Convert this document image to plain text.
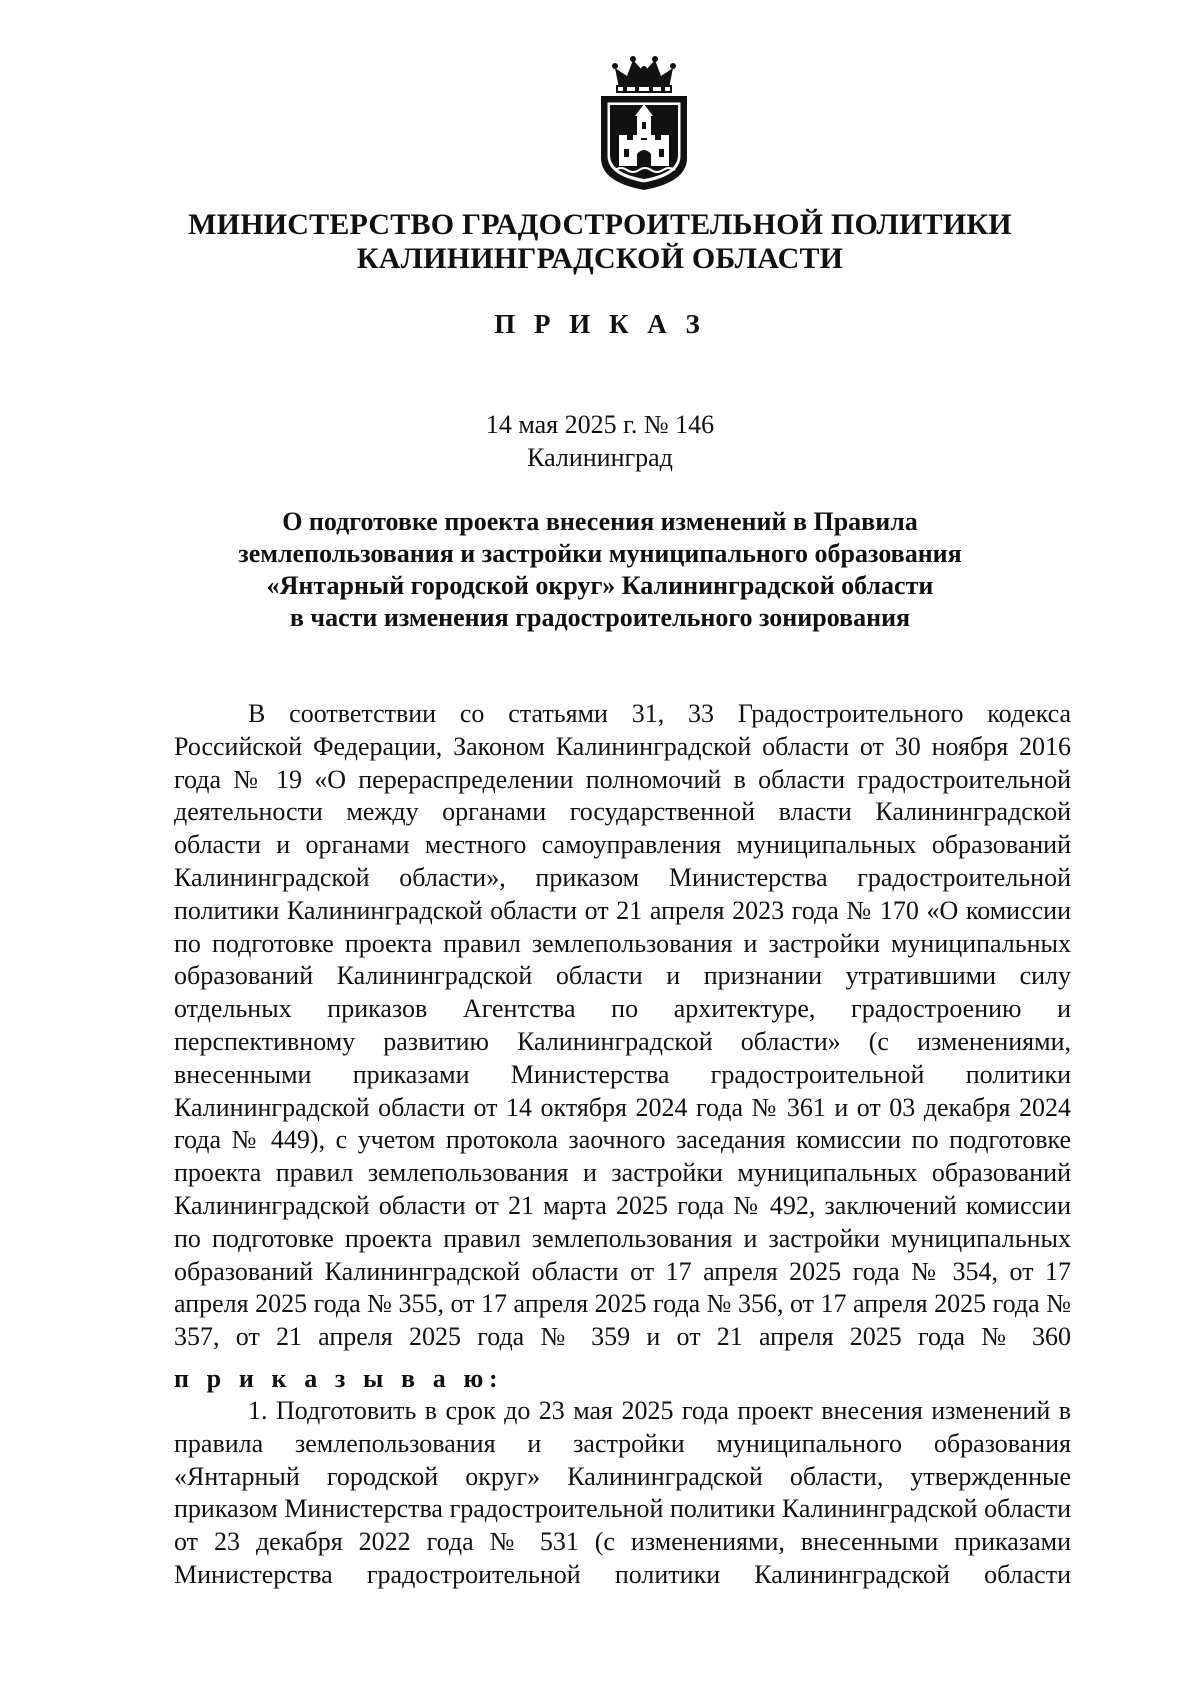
МИНИСТЕРСТВО ГРАДОСТРОИТЕЛЬНОЙ ПОЛИТИКИ
КАЛИНИНГРАДСКОЙ ОБЛАСТИ
П Р И К А З
14 мая 2025 г. № 146
Калининград
О подготовке проекта внесения изменений в Правила
землепользования и застройки муниципального образования
«Янтарный городской округ» Калининградской области
в части изменения градостроительного зонирования
В соответствии со статьями 31, 33 Градостроительного кодекса Российской Федерации, Законом Калининградской области от 30 ноября 2016 года № 19 «О перераспределении полномочий в области градостроительной деятельности между органами государственной власти Калининградской области и органами местного самоуправления муниципальных образований Калининградской области», приказом Министерства градостроительной политики Калининградской области от 21 апреля 2023 года № 170 «О комиссии по подготовке проекта правил землепользования и застройки муниципальных образований Калининградской области и признании утратившими силу отдельных приказов Агентства по архитектуре, градостроению и перспективному развитию Калининградской области» (с изменениями, внесенными приказами Министерства градостроительной политики Калининградской области от 14 октября 2024 года № 361 и от 03 декабря 2024 года № 449), с учетом протокола заочного заседания комиссии по подготовке проекта правил землепользования и застройки муниципальных образований Калининградской области от 21 марта 2025 года № 492, заключений комиссии по подготовке проекта правил землепользования и застройки муниципальных образований Калининградской области от 17 апреля 2025 года № 354, от 17 апреля 2025 года № 355, от 17 апреля 2025 года № 356, от 17 апреля 2025 года № 357, от 21 апреля 2025 года № 359 и от 21 апреля 2025 года № 360
п р и к а з ы в а ю:
1. Подготовить в срок до 23 мая 2025 года проект внесения изменений в правила землепользования и застройки муниципального образования «Янтарный городской округ» Калининградской области, утвержденные приказом Министерства градостроительной политики Калининградской области от 23 декабря 2022 года № 531 (с изменениями, внесенными приказами Министерства градостроительной политики Калининградской области
